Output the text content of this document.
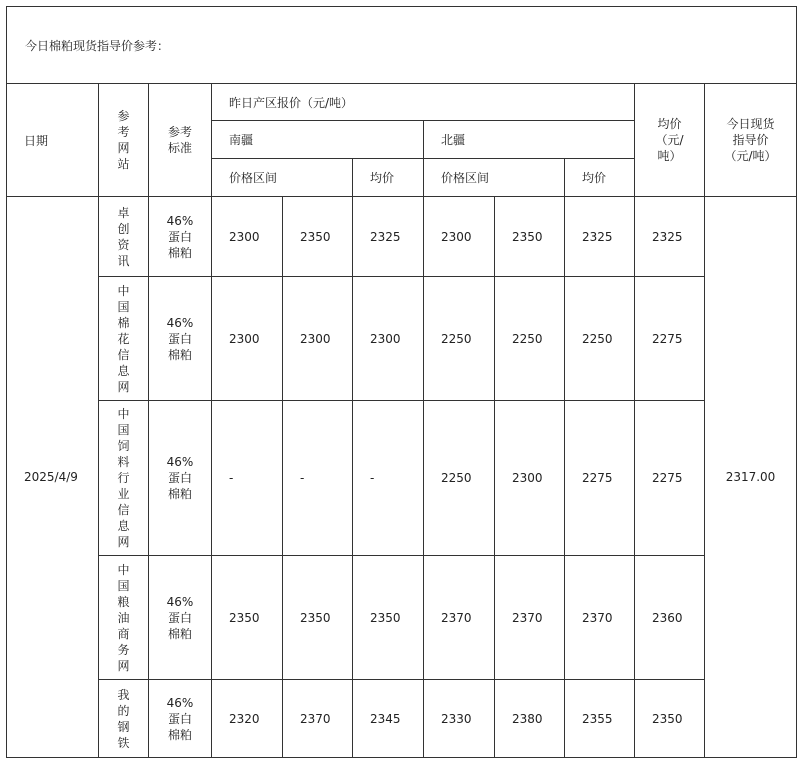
今日棉粕现货指导价参考：										
日期	参考网站	参考标准	昨日产区报价（元/吨）						均价（元/吨）	今日现货指导价（元/吨）
			南疆			北疆				
			价格区间		均价	价格区间		均价		
2025/4/9	卓创资讯	46%蛋白棉粕	2300	2350	2325	2300	2350	2325	2325	2317.00
	中国棉花信息网	46%蛋白棉粕	2300	2300	2300	2250	2250	2250	2275	
	中国饲料行业信息网	46%蛋白棉粕	-	-	-	2250	2300	2275	2275	
	中国粮油商务网	46%蛋白棉粕	2350	2350	2350	2370	2370	2370	2360	
	我的钢铁	46%蛋白棉粕	2320	2370	2345	2330	2380	2355	2350	
